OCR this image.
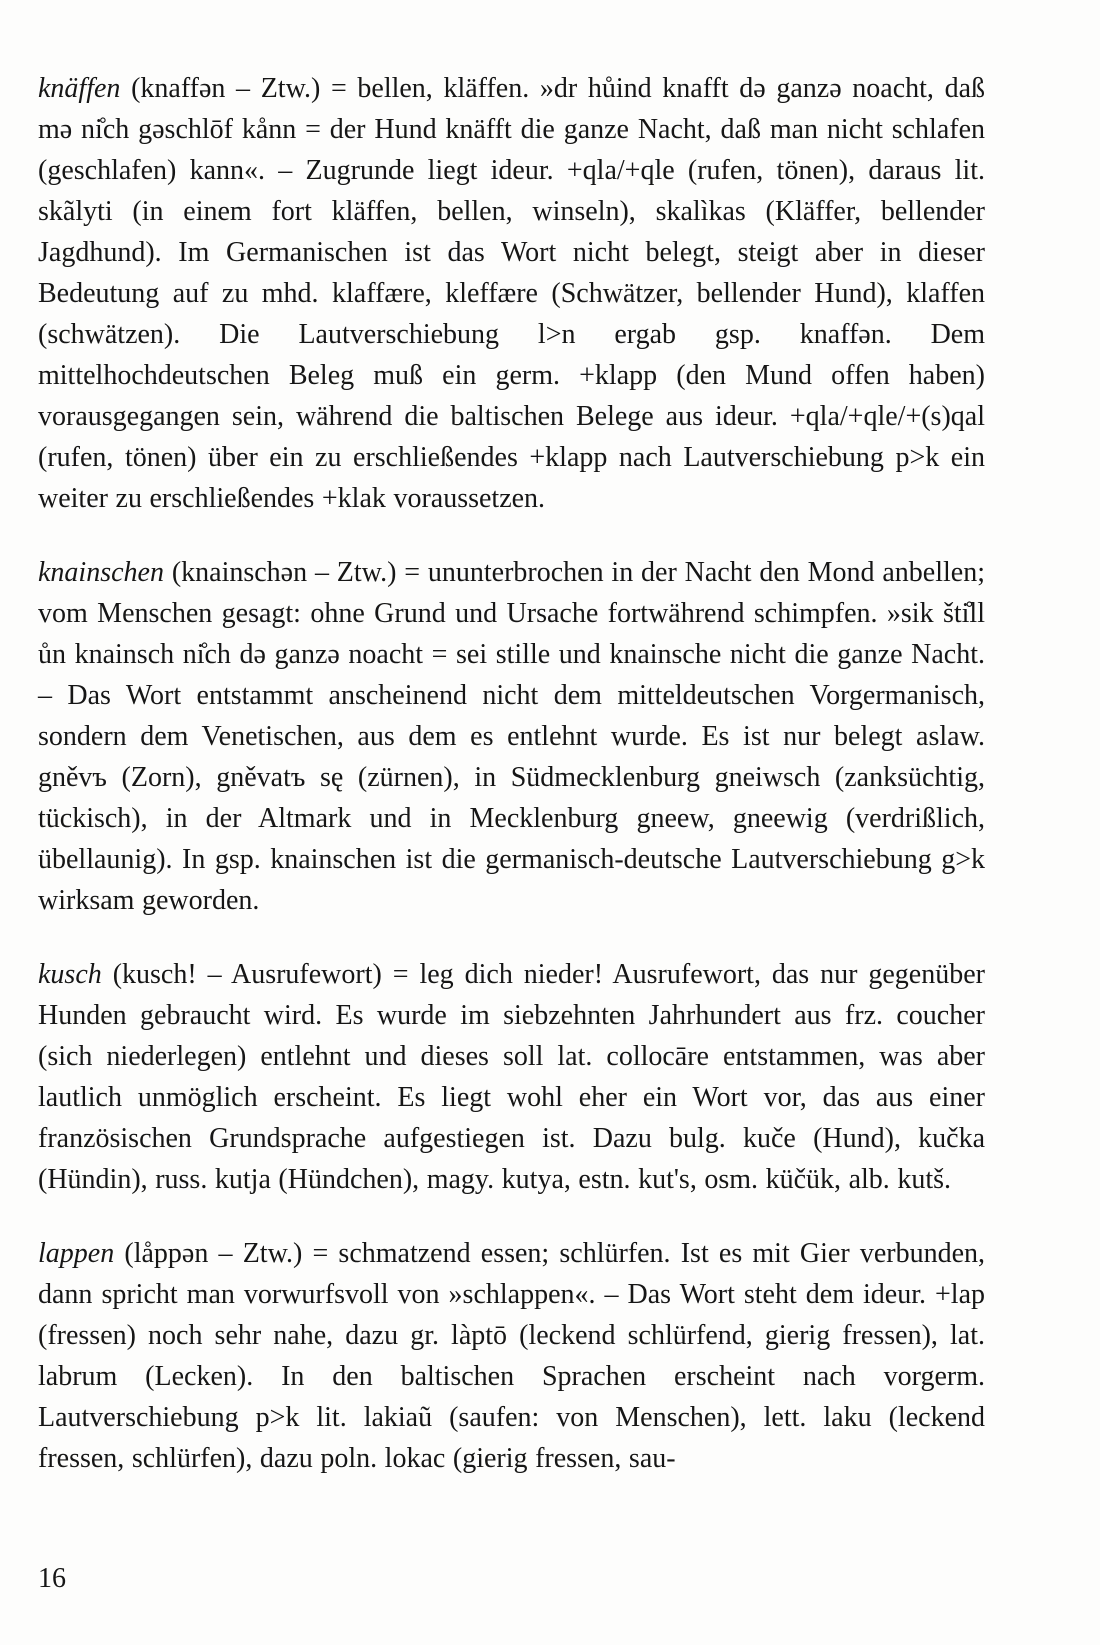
knäffen (knaffən – Ztw.) = bellen, kläffen. »dr hůind knafft də ganzə noacht, daß mə ni̊ch gəschlōf kånn = der Hund knäfft die ganze Nacht, daß man nicht schlafen (geschlafen) kann«. – Zugrunde liegt ideur. +qla/+qle (rufen, tönen), daraus lit. skãlyti (in einem fort kläffen, bellen, winseln), skalìkas (Kläffer, bellender Jagdhund). Im Germanischen ist das Wort nicht belegt, steigt aber in dieser Bedeutung auf zu mhd. klaffære, kleffære (Schwätzer, bellender Hund), klaffen (schwätzen). Die Lautverschiebung l>n ergab gsp. knaffən. Dem mittelhochdeutschen Beleg muß ein germ. +klapp (den Mund offen haben) vorausgegangen sein, während die baltischen Belege aus ideur. +qla/+qle/+(s)qal (rufen, tönen) über ein zu erschließendes +klapp nach Lautverschiebung p>k ein weiter zu erschließendes +klak voraussetzen.

knainschen (knainschən – Ztw.) = ununterbrochen in der Nacht den Mond anbellen; vom Menschen gesagt: ohne Grund und Ursache fortwährend schimpfen. »sik šti̊ll ůn knainsch ni̊ch də ganzə noacht = sei stille und knainsche nicht die ganze Nacht. – Das Wort entstammt anscheinend nicht dem mitteldeutschen Vorgermanisch, sondern dem Venetischen, aus dem es entlehnt wurde. Es ist nur belegt aslaw. gněvъ (Zorn), gněvatъ sę (zürnen), in Südmecklenburg gneiwsch (zanksüchtig, tückisch), in der Altmark und in Mecklenburg gneew, gneewig (verdrißlich, übellaunig). In gsp. knainschen ist die germanisch-deutsche Lautverschiebung g>k wirksam geworden.

kusch (kusch! – Ausrufewort) = leg dich nieder! Ausrufewort, das nur gegenüber Hunden gebraucht wird. Es wurde im siebzehnten Jahrhundert aus frz. coucher (sich niederlegen) entlehnt und dieses soll lat. collocāre entstammen, was aber lautlich unmöglich erscheint. Es liegt wohl eher ein Wort vor, das aus einer französischen Grundsprache aufgestiegen ist. Dazu bulg. kuče (Hund), kučka (Hündin), russ. kutja (Hündchen), magy. kutya, estn. kut's, osm. küčük, alb. kutš.

lappen (låppən – Ztw.) = schmatzend essen; schlürfen. Ist es mit Gier verbunden, dann spricht man vorwurfsvoll von »schlappen«. – Das Wort steht dem ideur. +lap (fressen) noch sehr nahe, dazu gr. làptō (leckend schlürfend, gierig fressen), lat. labrum (Lecken). In den baltischen Sprachen erscheint nach vorgerm. Lautverschiebung p>k lit. lakiaũ (saufen: von Menschen), lett. laku (leckend fressen, schlürfen), dazu poln. lokac (gierig fressen, sau-

16
